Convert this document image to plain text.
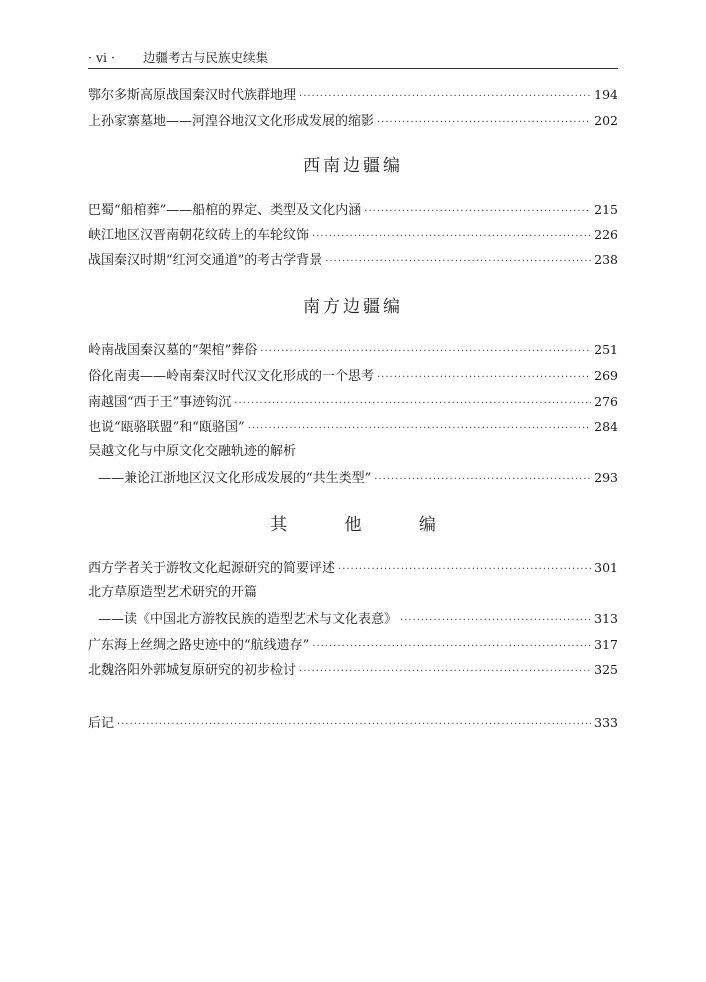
· vi · 边疆考古与民族史续集
鄂尔多斯高原战国秦汉时代族群地理 ·····	194
上孙家寨墓地——河湟谷地汉文化形成发展的缩影 ·····	202
西南边疆编
巴蜀“船棺葬”——船棺的界定、类型及文化内涵 ·····	215
峡江地区汉晋南朝花纹砖上的车轮纹饰 ·····	226
战国秦汉时期“红河交通道”的考古学背景 ·····	238
南方边疆编
岭南战国秦汉墓的“架棺”葬俗 ·····	251
俗化南夷——岭南秦汉时代汉文化形成的一个思考 ·····	269
南越国“西于王”事迹钩沉 ·····	276
也说“瓯骆联盟”和“瓯骆国” ·····	284
吴越文化与中原文化交融轨迹的解析
——兼论江浙地区汉文化形成发展的“共生类型” ·····	293
其 他 编
西方学者关于游牧文化起源研究的简要评述 ·····	301
北方草原造型艺术研究的开篇
——读《中国北方游牧民族的造型艺术与文化表意》 ·····	313
广东海上丝绸之路史迹中的“航线遗存” ·····	317
北魏洛阳外郭城复原研究的初步检讨 ·····	325
后记 ·····	333
